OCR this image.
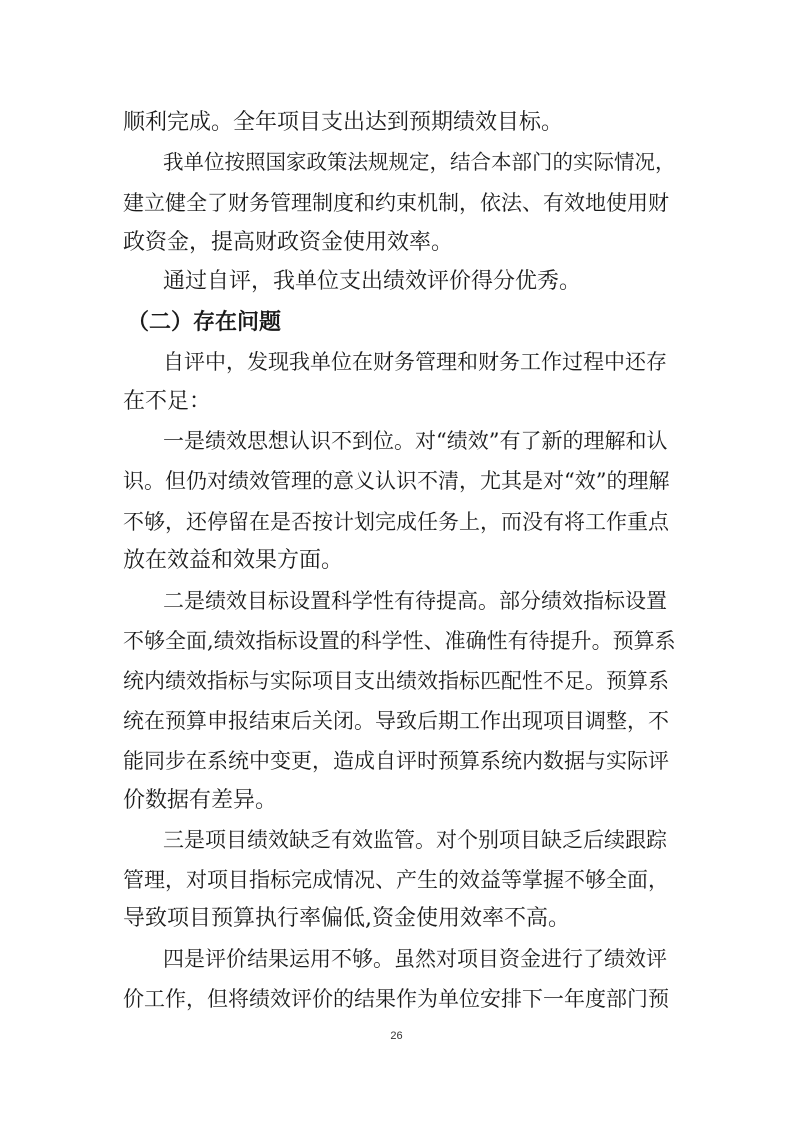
顺利完成。全年项目支出达到预期绩效目标。
我单位按照国家政策法规规定，结合本部门的实际情况，
建立健全了财务管理制度和约束机制，依法、有效地使用财
政资金，提高财政资金使用效率。
通过自评，我单位支出绩效评价得分优秀。
（二）存在问题
自评中，发现我单位在财务管理和财务工作过程中还存
在不足：
一是绩效思想认识不到位。对“绩效”有了新的理解和认
识。但仍对绩效管理的意义认识不清，尤其是对“效”的理解
不够，还停留在是否按计划完成任务上，而没有将工作重点
放在效益和效果方面。
二是绩效目标设置科学性有待提高。部分绩效指标设置
不够全面,绩效指标设置的科学性、准确性有待提升。预算系
统内绩效指标与实际项目支出绩效指标匹配性不足。预算系
统在预算申报结束后关闭。导致后期工作出现项目调整，不
能同步在系统中变更，造成自评时预算系统内数据与实际评
价数据有差异。
三是项目绩效缺乏有效监管。对个别项目缺乏后续跟踪
管理，对项目指标完成情况、产生的效益等掌握不够全面，
导致项目预算执行率偏低,资金使用效率不高。
四是评价结果运用不够。虽然对项目资金进行了绩效评
价工作，但将绩效评价的结果作为单位安排下一年度部门预
26
